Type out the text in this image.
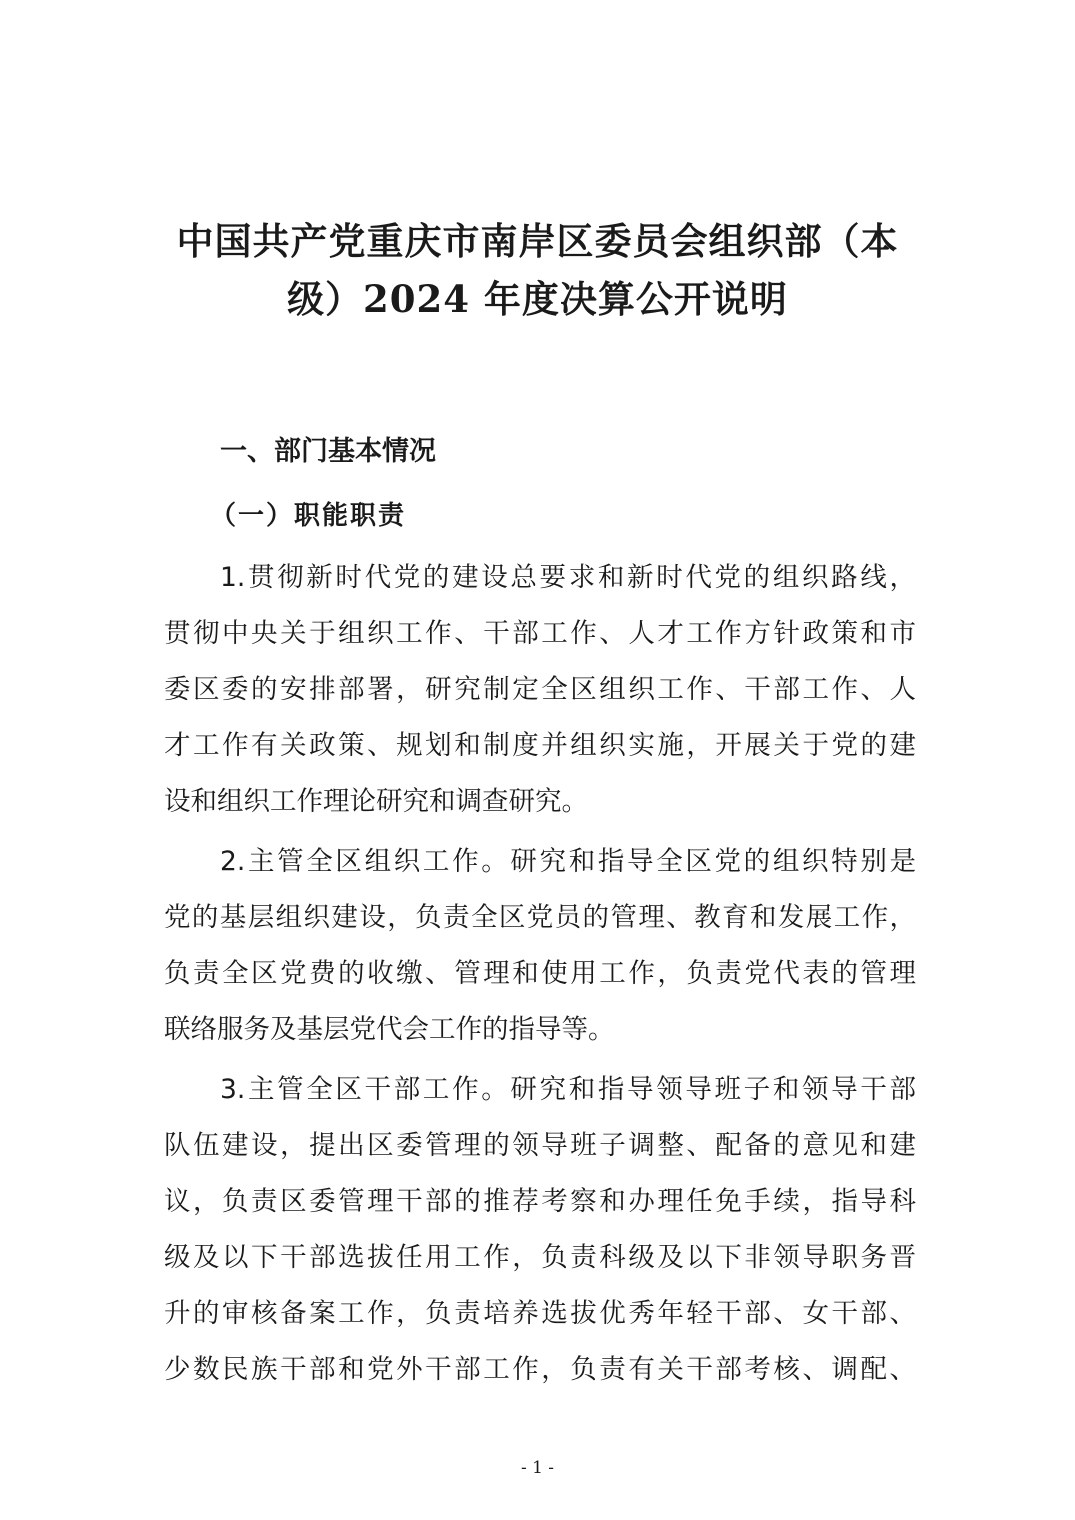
中国共产党重庆市南岸区委员会组织部（本
级）2024 年度决算公开说明
一、部门基本情况
（一）职能职责

1.贯彻新时代党的建设总要求和新时代党的组织路线，
贯彻中央关于组织工作、干部工作、人才工作方针政策和市
委区委的安排部署，研究制定全区组织工作、干部工作、人
才工作有关政策、规划和制度并组织实施，开展关于党的建
设和组织工作理论研究和调查研究。

2.主管全区组织工作。研究和指导全区党的组织特别是
党的基层组织建设，负责全区党员的管理、教育和发展工作，
负责全区党费的收缴、管理和使用工作，负责党代表的管理
联络服务及基层党代会工作的指导等。

3.主管全区干部工作。研究和指导领导班子和领导干部
队伍建设，提出区委管理的领导班子调整、配备的意见和建
议，负责区委管理干部的推荐考察和办理任免手续，指导科
级及以下干部选拔任用工作，负责科级及以下非领导职务晋
升的审核备案工作，负责培养选拔优秀年轻干部、女干部、
少数民族干部和党外干部工作，负责有关干部考核、调配、

- 1 -
